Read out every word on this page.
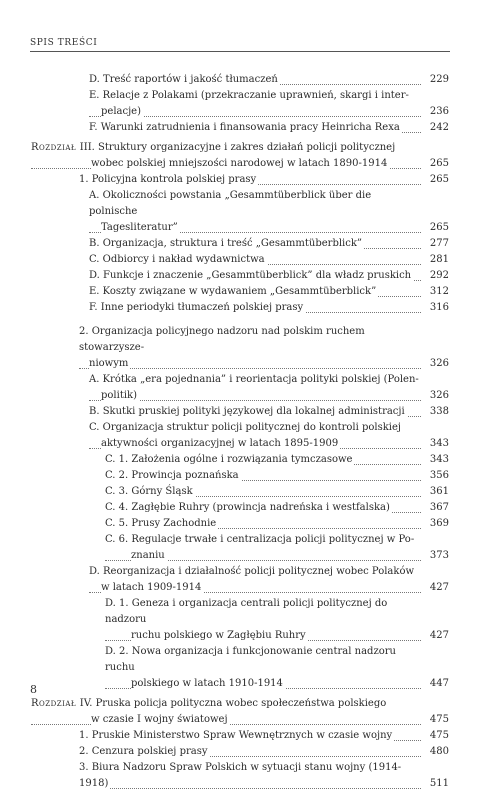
SPIS TREŚCI
D. Treść raportów i jakość tłumaczeń	229
E. Relacje z Polakami (przekraczanie uprawnień, skargi i inter-
pelacje)	236
F. Warunki zatrudnienia i finansowania pracy Heinricha Rexa	242
Rozdział III. Struktury organizacyjne i zakres działań policji politycznej
wobec polskiej mniejszości narodowej w latach 1890-1914	265
1. Policyjna kontrola polskiej prasy	265
A. Okoliczności powstania „Gesammtüberblick über die polnische
Tagesliteratur”	265
B. Organizacja, struktura i treść „Gesammtüberblick”	277
C. Odbiorcy i nakład wydawnictwa	281
D. Funkcje i znaczenie „Gesammtüberblick” dla władz pruskich	292
E. Koszty związane w wydawaniem „Gesammtüberblick”	312
F. Inne periodyki tłumaczeń polskiej prasy	316
2. Organizacja policyjnego nadzoru nad polskim ruchem stowarzysze-
niowym	326
A. Krótka „era pojednania” i reorientacja polityki polskiej (Polen-
politik)	326
B. Skutki pruskiej polityki językowej dla lokalnej administracji	338
C. Organizacja struktur policji politycznej do kontroli polskiej
aktywności organizacyjnej w latach 1895-1909	343
C. 1. Założenia ogólne i rozwiązania tymczasowe	343
C. 2. Prowincja poznańska	356
C. 3. Górny Śląsk	361
C. 4. Zagłębie Ruhry (prowincja nadreńska i westfalska)	367
C. 5. Prusy Zachodnie	369
C. 6. Regulacje trwałe i centralizacja policji politycznej w Po-
znaniu	373
D. Reorganizacja i działalność policji politycznej wobec Polaków
w latach 1909-1914	427
D. 1. Geneza i organizacja centrali policji politycznej do nadzoru
ruchu polskiego w Zagłębiu Ruhry	427
D. 2. Nowa organizacja i funkcjonowanie central nadzoru ruchu
polskiego w latach 1910-1914	447
Rozdział IV. Pruska policja polityczna wobec społeczeństwa polskiego
w czasie I wojny światowej	475
1. Pruskie Ministerstwo Spraw Wewnętrznych w czasie wojny	475
2. Cenzura polskiej prasy	480
3. Biura Nadzoru Spraw Polskich w sytuacji stanu wojny (1914-1918)	511
8
